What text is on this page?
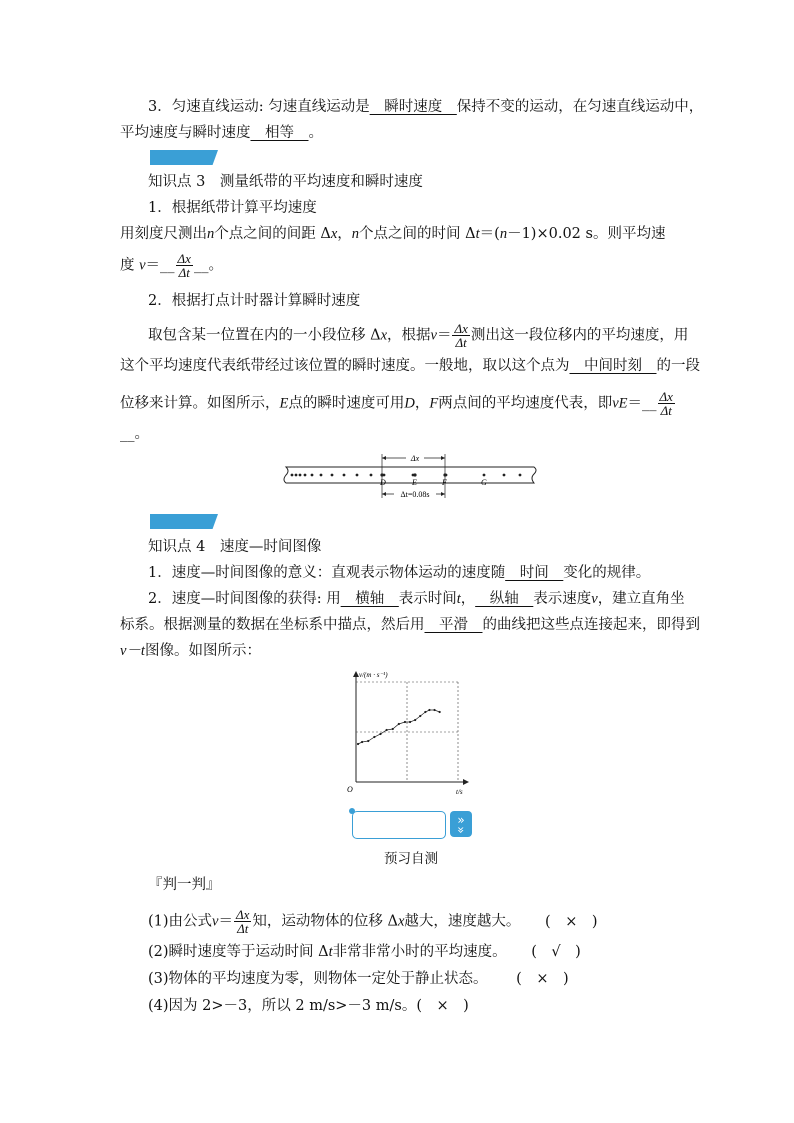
3．匀速直线运动: 匀速直线运动是__瞬时速度__保持不变的运动，在匀速直线运动中，
平均速度与瞬时速度__相等__。
知识点 3　测量纸带的平均速度和瞬时速度
1．根据纸带计算平均速度
用刻度尺测出n个点之间的间距 Δx，n个点之间的时间 Δt＝(n－1)×0.02 s。则平均速
度 v＝__ $\frac{\Delta x}{\Delta t}$ __。
2．根据打点计时器计算瞬时速度
取包含某一位置在内的一小段位移 Δx，根据$v= \frac{\Delta x}{\Delta t}$ 测出这一段位移内的平均速度，用
这个平均速度代表纸带经过该位置的瞬时速度。一般地，取以这个点为__中间时刻__的一段
位移来计算。如图所示，E点的瞬时速度可用D，F两点间的平均速度代表，即vE＝__ $\frac{\Delta x}{\Delta t}$
__。
Δx
Δt=0.08s
D	E	F	G
知识点 4　速度—时间图像
1．速度—时间图像的意义：直观表示物体运动的速度随__时间__变化的规律。
2．速度—时间图像的获得: 用__横轴__表示时间t，__纵轴__表示速度v，建立直角坐
标系。根据测量的数据在坐标系中描点，然后用__平滑__的曲线把这些点连接起来，即得到
v－t图像。如图所示：
v/(m · s⁻¹)
t/s
O
»
»
预习自测
『判一判』
(1)由公式$v= \frac{\Delta x}{\Delta t}$ 知，运动物体的位移 Δx越大，速度越大。 (　×　)
(2)瞬时速度等于运动时间 Δt非常非常小时的平均速度。 (　√　)
(3)物体的平均速度为零，则物体一定处于静止状态。 (　×　)
(4)因为 2>－3，所以 2 m/s>－3 m/s。(　×　)
